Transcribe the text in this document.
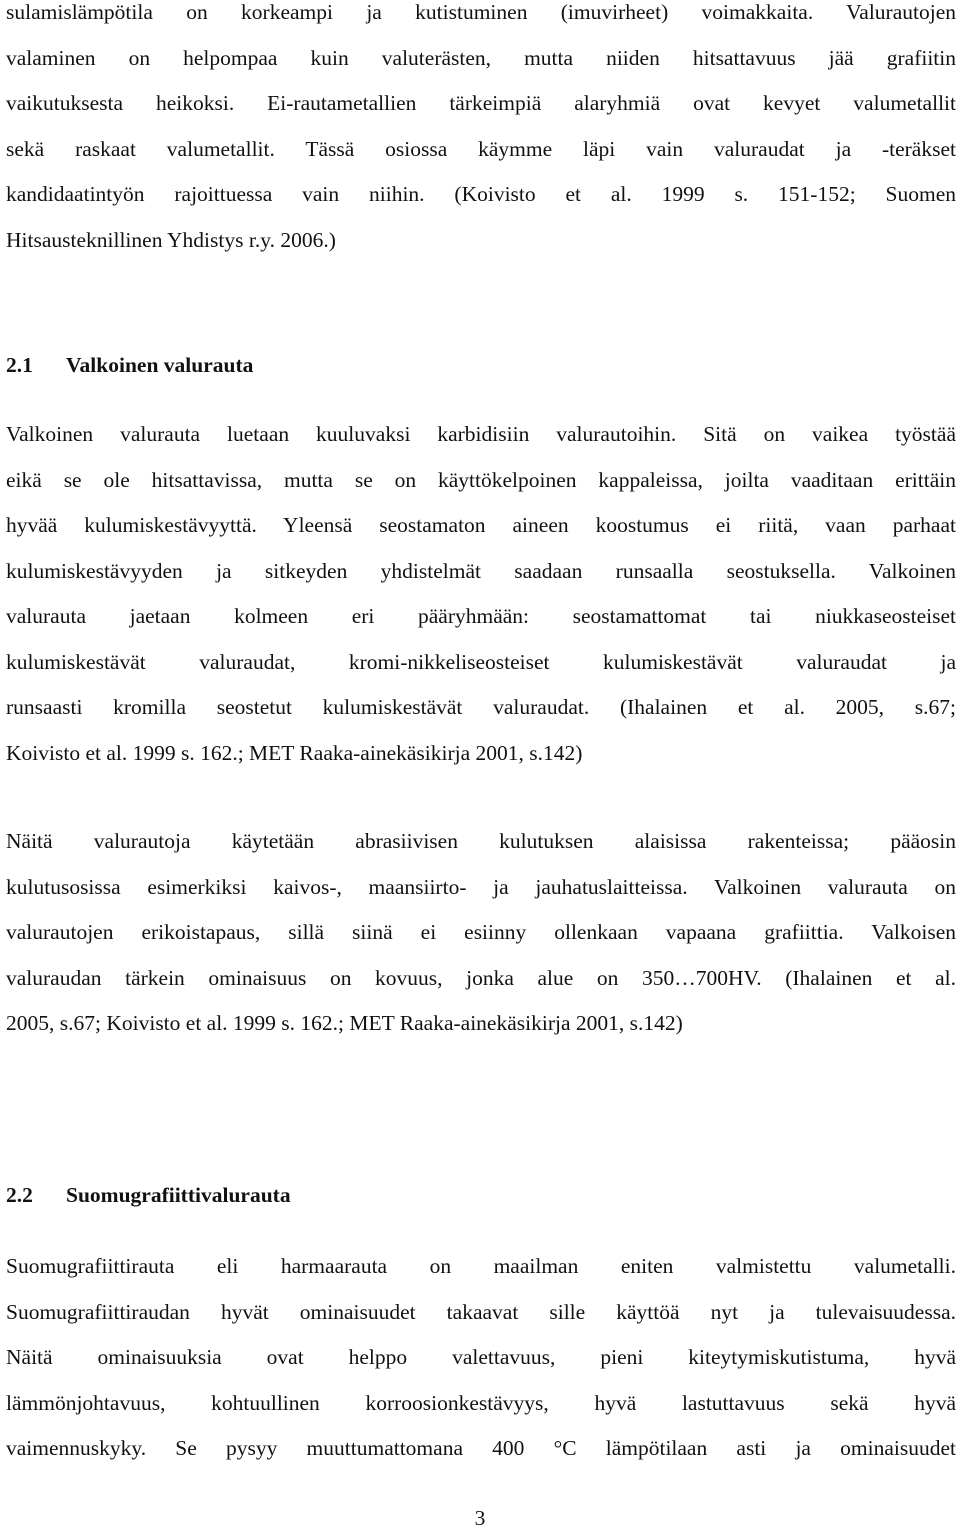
sulamislämpötila on korkeampi ja kutistuminen (imuvirheet) voimakkaita. Valurautojen
valaminen on helpompaa kuin valuterästen, mutta niiden hitsattavuus jää grafiitin
vaikutuksesta heikoksi. Ei-rautametallien tärkeimpiä alaryhmiä ovat kevyet valumetallit
sekä raskaat valumetallit. Tässä osiossa käymme läpi vain valuraudat ja -teräkset
kandidaatintyön rajoittuessa vain niihin. (Koivisto et al. 1999 s. 151-152; Suomen
Hitsausteknillinen Yhdistys r.y. 2006.)
2.1 Valkoinen valurauta
Valkoinen valurauta luetaan kuuluvaksi karbidisiin valurautoihin. Sitä on vaikea työstää
eikä se ole hitsattavissa, mutta se on käyttökelpoinen kappaleissa, joilta vaaditaan erittäin
hyvää kulumiskestävyyttä. Yleensä seostamaton aineen koostumus ei riitä, vaan parhaat
kulumiskestävyyden ja sitkeyden yhdistelmät saadaan runsaalla seostuksella. Valkoinen
valurauta jaetaan kolmeen eri pääryhmään: seostamattomat tai niukkaseosteiset
kulumiskestävät valuraudat, kromi-nikkeliseosteiset kulumiskestävät valuraudat ja
runsaasti kromilla seostetut kulumiskestävät valuraudat. (Ihalainen et al. 2005, s.67;
Koivisto et al. 1999 s. 162.; MET Raaka-ainekäsikirja 2001, s.142)
Näitä valurautoja käytetään abrasiivisen kulutuksen alaisissa rakenteissa; pääosin
kulutusosissa esimerkiksi kaivos-, maansiirto- ja jauhatuslaitteissa. Valkoinen valurauta on
valurautojen erikoistapaus, sillä siinä ei esiinny ollenkaan vapaana grafiittia. Valkoisen
valuraudan tärkein ominaisuus on kovuus, jonka alue on 350…700HV. (Ihalainen et al.
2005, s.67; Koivisto et al. 1999 s. 162.; MET Raaka-ainekäsikirja 2001, s.142)
2.2 Suomugrafiittivalurauta
Suomugrafiittirauta eli harmaarauta on maailman eniten valmistettu valumetalli.
Suomugrafiittiraudan hyvät ominaisuudet takaavat sille käyttöä nyt ja tulevaisuudessa.
Näitä ominaisuuksia ovat helppo valettavuus, pieni kiteytymiskutistuma, hyvä
lämmönjohtavuus, kohtuullinen korroosionkestävyys, hyvä lastuttavuus sekä hyvä
vaimennuskyky. Se pysyy muuttumattomana 400 °C lämpötilaan asti ja ominaisuudet
3
